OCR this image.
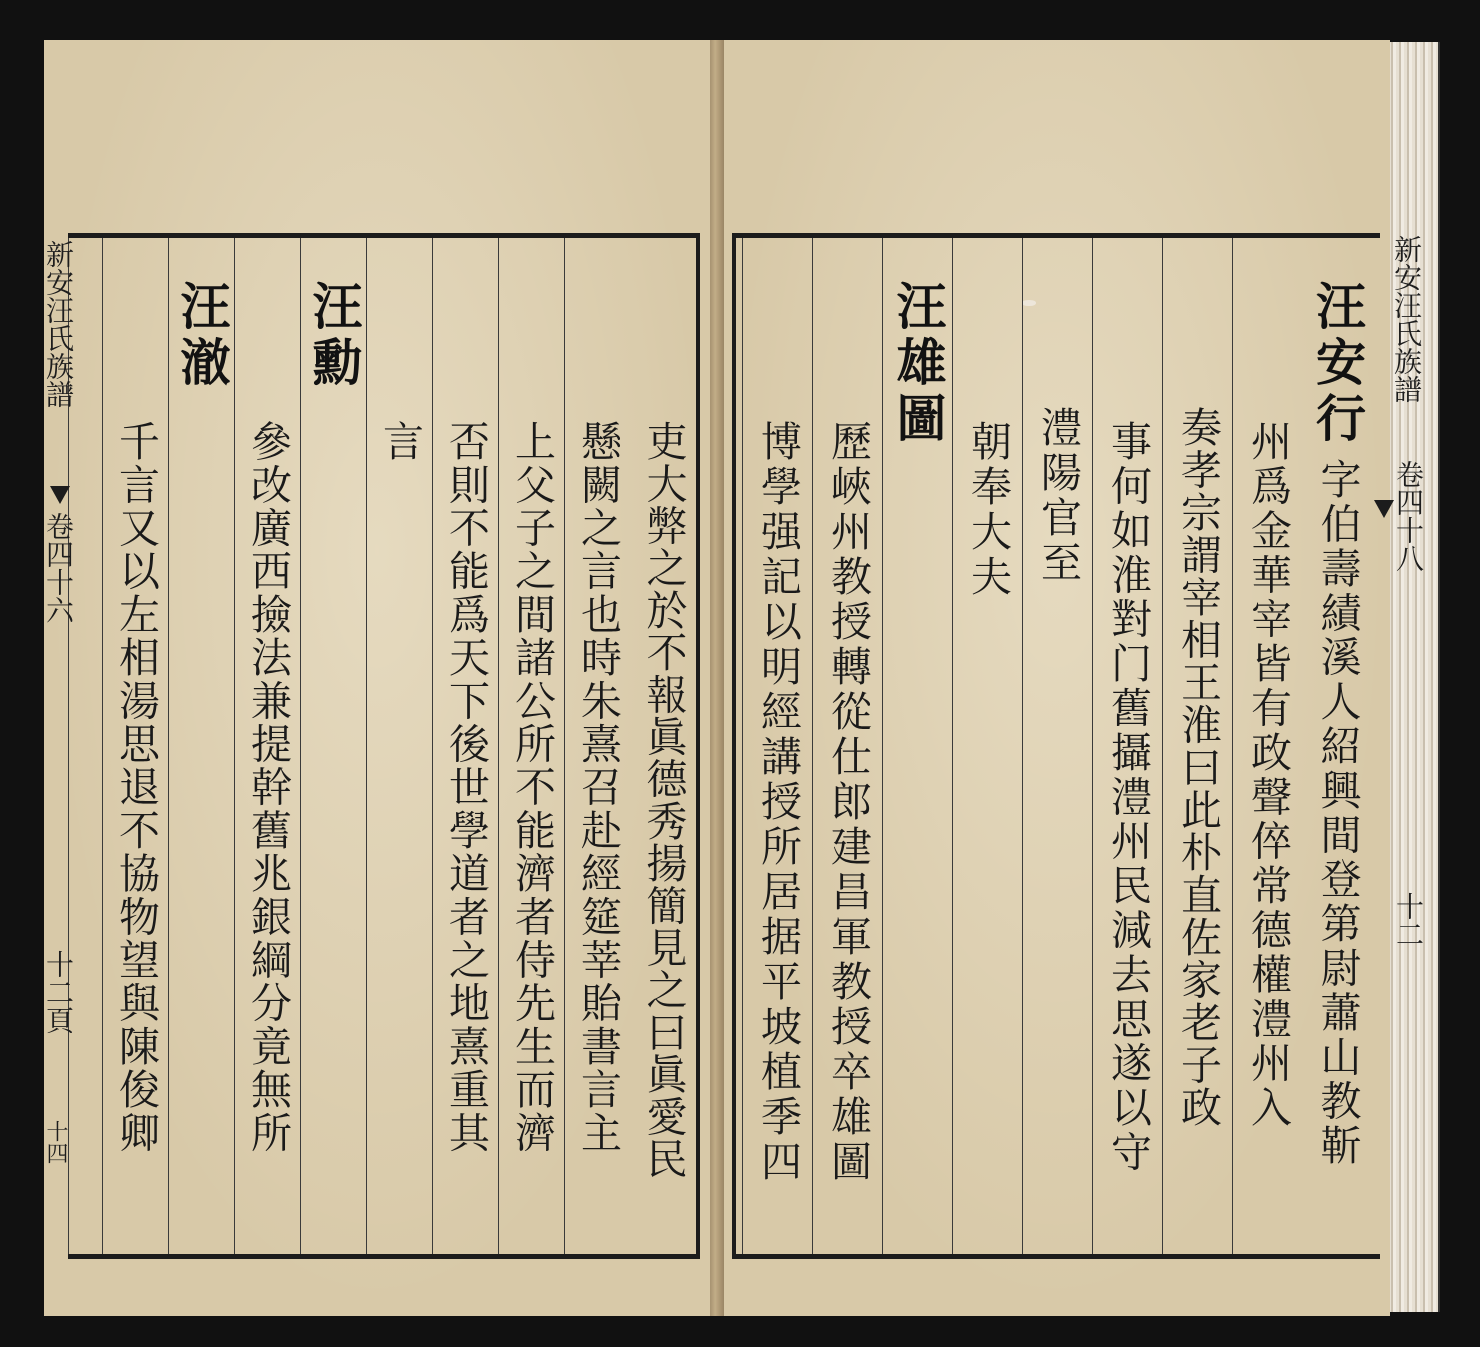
汪安行
字伯壽績溪人紹興間登第尉蕭山教靳
州爲金華宰皆有政聲倅常德權澧州入
奏孝宗謂宰相王淮曰此朴直佐家老子政
事何如淮對门舊攝澧州民減去思遂以守
澧陽官至
朝奉大夫
汪雄圖
歷峽州教授轉從仕郎建昌軍教授卒雄圖
博學强記以明經講授所居据平坡植季四
吏大弊之於不報眞德秀揚簡見之曰眞愛民
懸闕之言也時朱熹召赴經筵莘貽書言主
上父子之間諸公所不能濟者侍先生而濟
否則不能爲天下後世學道者之地熹重其
言
汪勳
參改廣西撿法兼提幹舊兆銀綱分竟無所
汪澈
千言又以左相湯思退不協物望與陳俊卿
新安汪氏族譜
卷四十八
十二
新安汪氏族譜
卷四十六
十二頁
十四
